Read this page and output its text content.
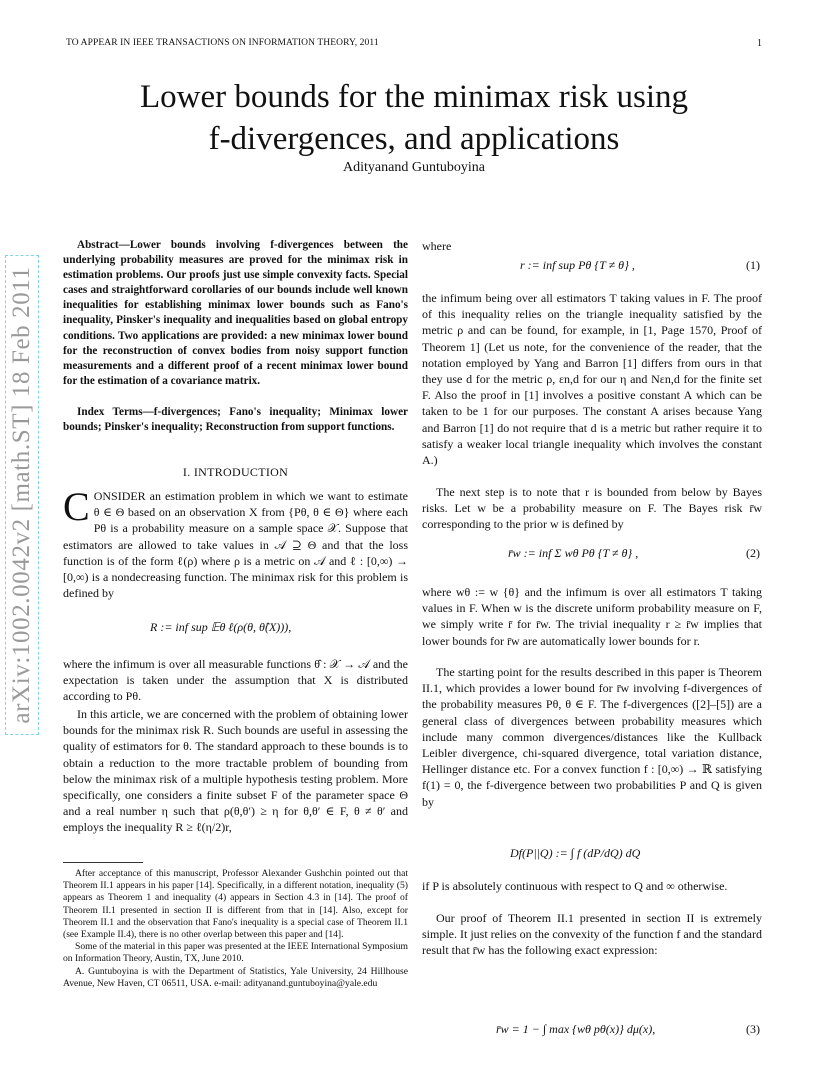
TO APPEAR IN IEEE TRANSACTIONS ON INFORMATION THEORY, 2011	1
Lower bounds for the minimax risk using
f-divergences, and applications
Adityanand Guntuboyina
arXiv:1002.0042v2 [math.ST] 18 Feb 2011
Abstract—Lower bounds involving f-divergences between the underlying probability measures are proved for the minimax risk in estimation problems. Our proofs just use simple convexity facts. Special cases and straightforward corollaries of our bounds include well known inequalities for establishing minimax lower bounds such as Fano's inequality, Pinsker's inequality and inequalities based on global entropy conditions. Two applications are provided: a new minimax lower bound for the reconstruction of convex bodies from noisy support function measurements and a different proof of a recent minimax lower bound for the estimation of a covariance matrix.
Index Terms—f-divergences; Fano's inequality; Minimax lower bounds; Pinsker's inequality; Reconstruction from support functions.
I. INTRODUCTION
CONSIDER an estimation problem in which we want to estimate θ ∈ Θ based on an observation X from {Pθ, θ ∈ Θ} where each Pθ is a probability measure on a sample space 𝒳. Suppose that estimators are allowed to take values in 𝒜 ⊇ Θ and that the loss function is of the form ℓ(ρ) where ρ is a metric on 𝒜 and ℓ : [0,∞) → [0,∞) is a nondecreasing function. The minimax risk for this problem is defined by
R := inf sup 𝔼θ ℓ(ρ(θ, θ̂(X))),
where the infimum is over all measurable functions θ̂ : 𝒳 → 𝒜 and the expectation is taken under the assumption that X is distributed according to Pθ.
In this article, we are concerned with the problem of obtaining lower bounds for the minimax risk R. Such bounds are useful in assessing the quality of estimators for θ. The standard approach to these bounds is to obtain a reduction to the more tractable problem of bounding from below the minimax risk of a multiple hypothesis testing problem. More specifically, one considers a finite subset F of the parameter space Θ and a real number η such that ρ(θ,θ′) ≥ η for θ,θ′ ∈ F, θ ≠ θ′ and employs the inequality R ≥ ℓ(η/2)r,

After acceptance of this manuscript, Professor Alexander Gushchin pointed out that Theorem II.1 appears in his paper [14]. Specifically, in a different notation, inequality (5) appears as Theorem 1 and inequality (4) appears in Section 4.3 in [14]. The proof of Theorem II.1 presented in section II is different from that in [14]. Also, except for Theorem II.1 and the observation that Fano's inequality is a special case of Theorem II.1 (see Example II.4), there is no other overlap between this paper and [14].

Some of the material in this paper was presented at the IEEE International Symposium on Information Theory, Austin, TX, June 2010.

A. Guntuboyina is with the Department of Statistics, Yale University, 24 Hillhouse Avenue, New Haven, CT 06511, USA. e-mail: adityanand.guntuboyina@yale.edu

where
r := inf sup Pθ {T ≠ θ} ,	(1)
the infimum being over all estimators T taking values in F. The proof of this inequality relies on the triangle inequality satisfied by the metric ρ and can be found, for example, in [1, Page 1570, Proof of Theorem 1] (Let us note, for the convenience of the reader, that the notation employed by Yang and Barron [1] differs from ours in that they use d for the metric ρ, εn,d for our η and Nεn,d for the finite set F. Also the proof in [1] involves a positive constant A which can be taken to be 1 for our purposes. The constant A arises because Yang and Barron [1] do not require that d is a metric but rather require it to satisfy a weaker local triangle inequality which involves the constant A.)
The next step is to note that r is bounded from below by Bayes risks. Let w be a probability measure on F. The Bayes risk r̄w corresponding to the prior w is defined by
r̄w := inf Σ wθ Pθ {T ≠ θ} ,	(2)
where wθ := w {θ} and the infimum is over all estimators T taking values in F. When w is the discrete uniform probability measure on F, we simply write r̄ for r̄w. The trivial inequality r ≥ r̄w implies that lower bounds for r̄w are automatically lower bounds for r.
The starting point for the results described in this paper is Theorem II.1, which provides a lower bound for r̄w involving f-divergences of the probability measures Pθ, θ ∈ F. The f-divergences ([2]–[5]) are a general class of divergences between probability measures which include many common divergences/distances like the Kullback Leibler divergence, chi-squared divergence, total variation distance, Hellinger distance etc. For a convex function f : [0,∞) → ℝ satisfying f(1) = 0, the f-divergence between two probabilities P and Q is given by
Df(P||Q) := ∫ f (dP/dQ) dQ
if P is absolutely continuous with respect to Q and ∞ otherwise.
Our proof of Theorem II.1 presented in section II is extremely simple. It just relies on the convexity of the function f and the standard result that r̄w has the following exact expression:
r̄w = 1 − ∫ max {wθ pθ(x)} dμ(x),	(3)
